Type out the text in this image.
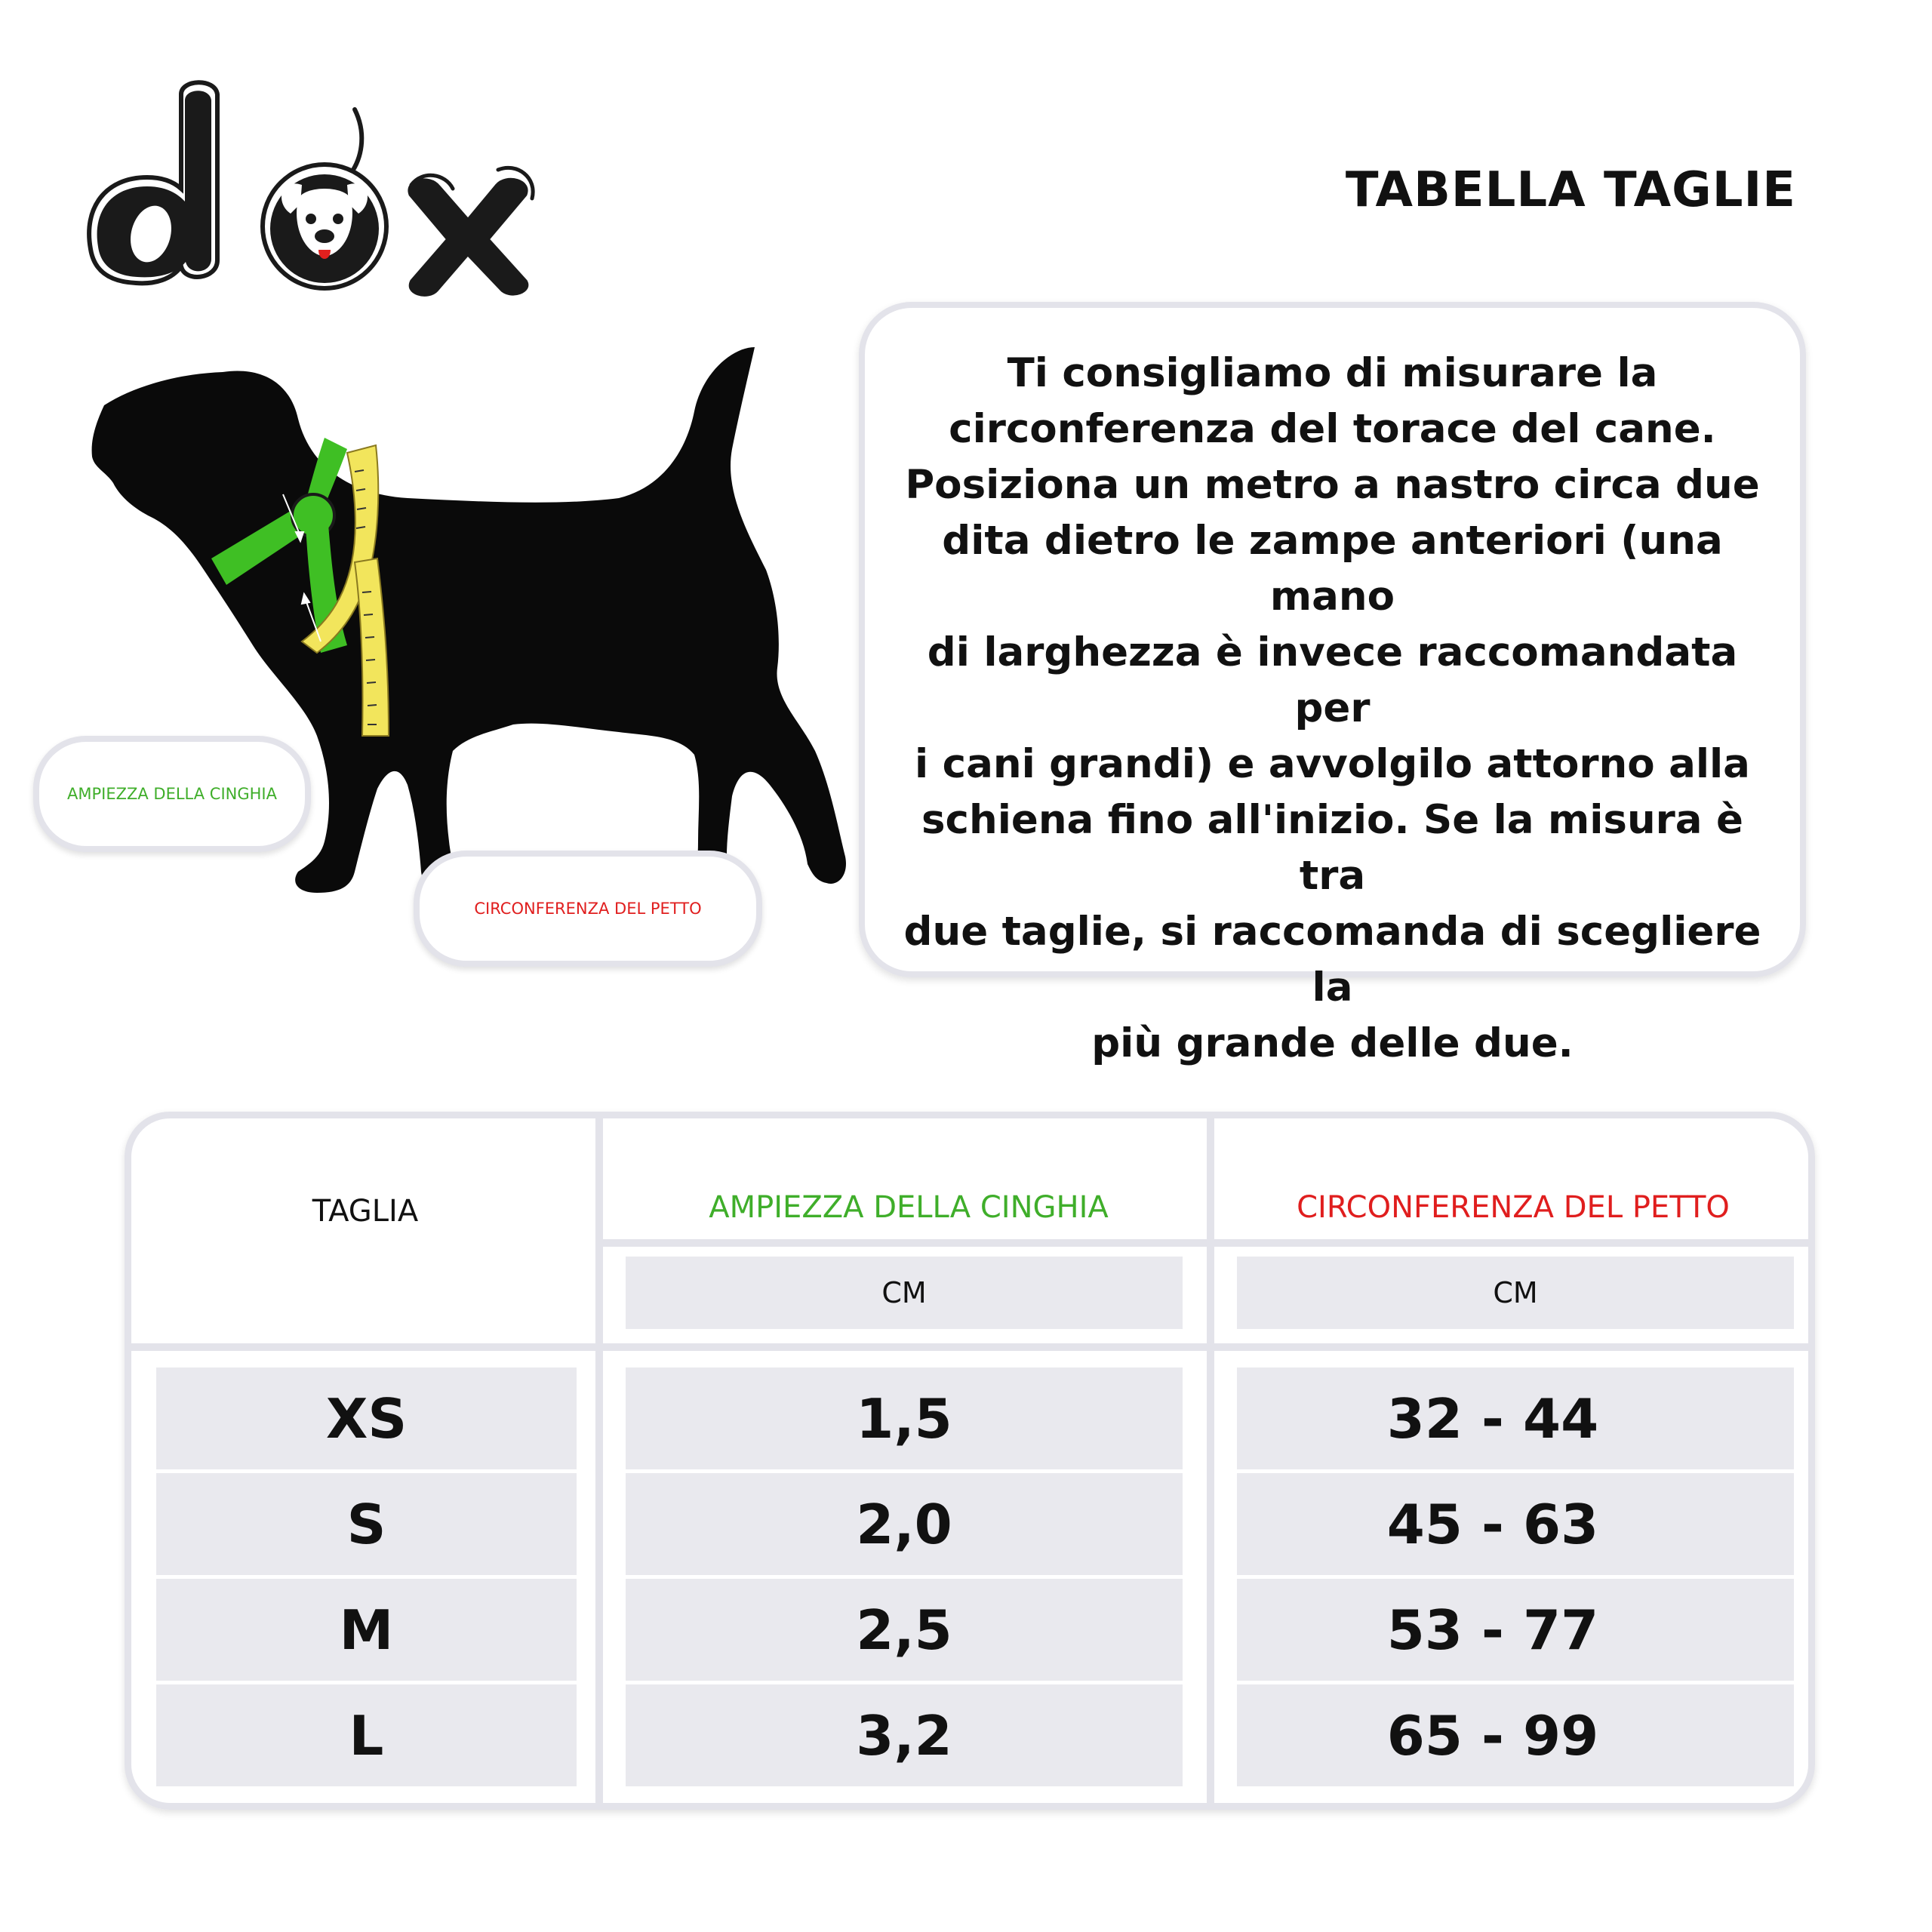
TABELLA TAGLIE
AMPIEZZA DELLA CINGHIA
CIRCONFERENZA DEL PETTO
Ti consigliamo di misurare la
circonferenza del torace del cane.
Posiziona un metro a nastro circa due
dita dietro le zampe anteriori (una mano
di larghezza è invece raccomandata per
i cani grandi) e avvolgilo attorno alla
schiena fino all'inizio. Se la misura è tra
due taglie, si raccomanda di scegliere la
più grande delle due.
TAGLIA	AMPIEZZA DELLA CINGHIA	CIRCONFERENZA DEL PETTO
CM	CM
XS	1,5	32 - 44
S	2,0	45 - 63
M	2,5	53 - 77
L	3,2	65 - 99
